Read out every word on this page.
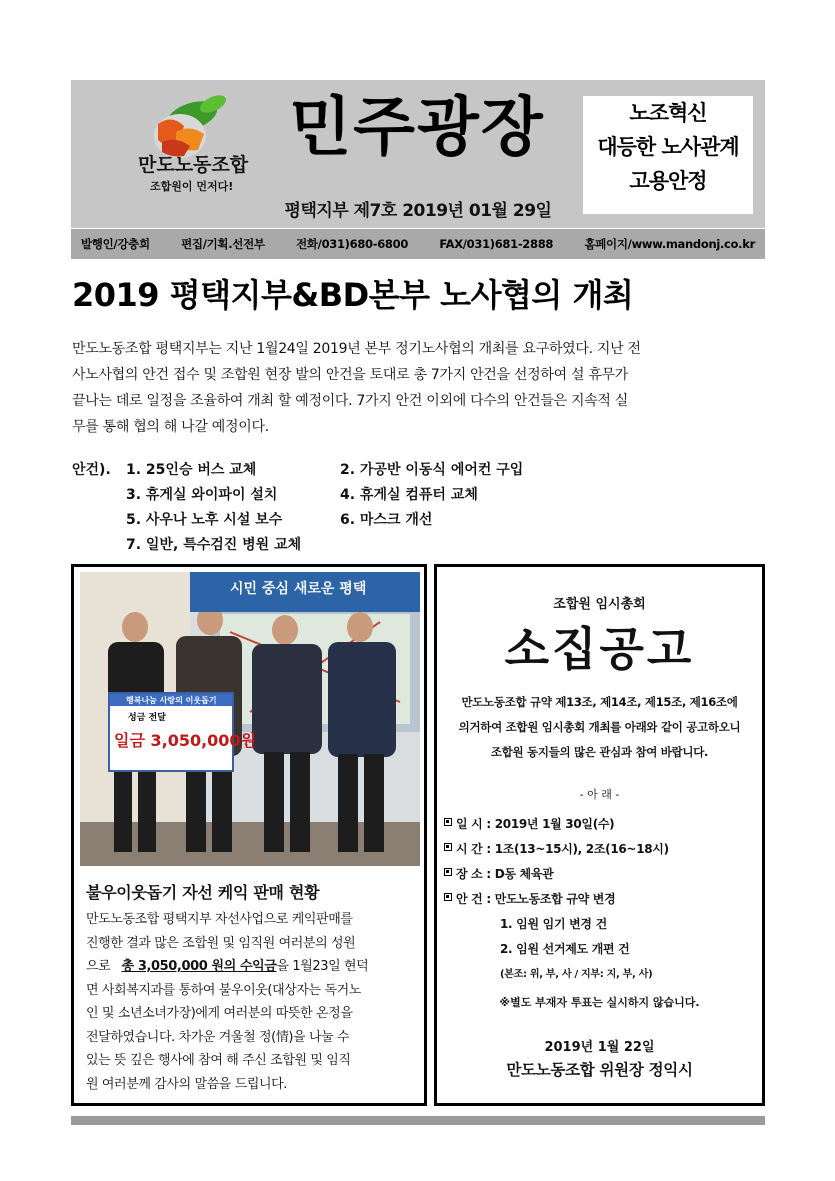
만도노동조합
조합원이 먼저다!
민주광장
평택지부 제7호 2019년 01월 29일
노조혁신
대등한 노사관계
고용안정
발행인/강충희	편집/기획.선전부	전화/031)680-6800	FAX/031)681-2888	홈페이지/www.mandonj.co.kr
2019 평택지부&BD본부 노사협의 개최
만도노동조합 평택지부는 지난 1월24일 2019년 본부 정기노사협의 개최를 요구하였다. 지난 전
사노사협의 안건 접수 및 조합원 현장 발의 안건을 토대로 총 7가지 안건을 선정하여 설 휴무가
끝나는 데로 일정을 조율하여 개최 할 예정이다. 7가지 안건 이외에 다수의 안건들은 지속적 실
무를 통해 협의 해 나갈 예정이다.
안건). 1. 25인승 버스 교체	2. 가공반 이동식 에어컨 구입
3. 휴게실 와이파이 설치	4. 휴게실 컴퓨터 교체
5. 사우나 노후 시설 보수	6. 마스크 개선
7. 일반, 특수검진 병원 교체
시민 중심 새로운 평택
행복나눔 사랑의 이웃돕기
성금 전달
일금 3,050,000원
불우이웃돕기 자선 케익 판매 현황
만도노동조합 평택지부 자선사업으로 케익판매를
진행한 결과 많은 조합원 및 임직원 여러분의 성원
으로 총 3,050,000 원의 수익금을 1월23일 현덕
면 사회복지과를 통하여 불우이웃(대상자는 독거노
인 및 소년소녀가장)에게 여러분의 따뜻한 온정을
전달하였습니다. 차가운 겨울철 정(情)을 나눌 수
있는 뜻 깊은 행사에 참여 해 주신 조합원 및 임직
원 여러분께 감사의 말씀을 드립니다.
조합원 임시총회
소집공고
만도노동조합 규약 제13조, 제14조, 제15조, 제16조에
의거하여 조합원 임시총회 개최를 아래와 같이 공고하오니
조합원 동지들의 많은 관심과 참여 바랍니다.
- 아 래 -
일 시 : 2019년 1월 30일(수)
시 간 : 1조(13~15시), 2조(16~18시)
장 소 : D동 체육관
안 건 : 만도노동조합 규약 변경
1. 임원 임기 변경 건
2. 임원 선거제도 개편 건
(본조: 위, 부, 사 / 지부: 지, 부, 사)
※별도 부재자 투표는 실시하지 않습니다.
2019년 1월 22일
만도노동조합 위원장 정익시
